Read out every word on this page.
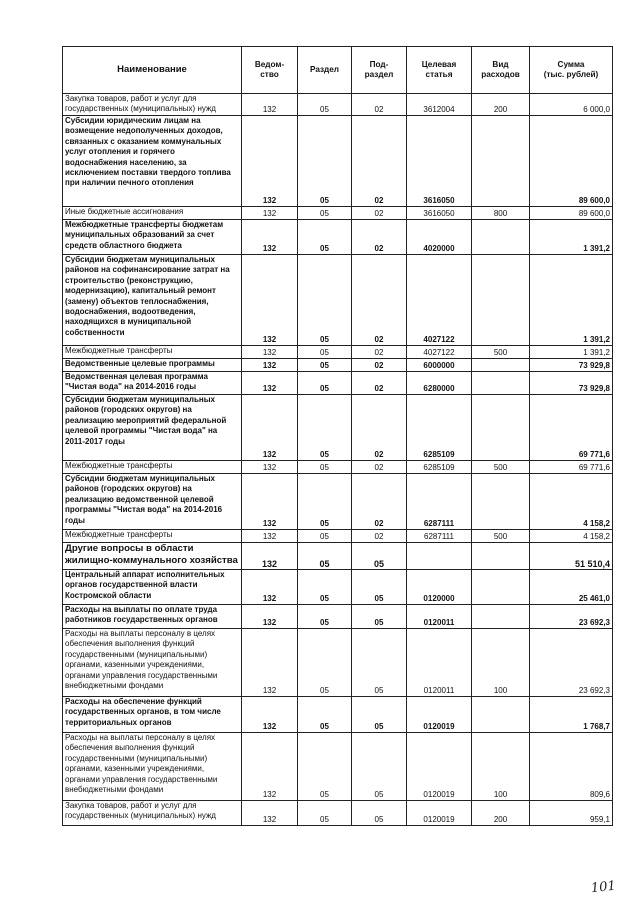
Наименование	Ведом-
ство	Раздел	Под-
раздел	Целевая
статья	Вид
расходов	Сумма
(тыс. рублей)
Закупка товаров, работ и услуг для государственных (муниципальных) нужд	132	05	02	3612004	200	6 000,0
Субсидии юридическим лицам на возмещение недополученных доходов, связанных с оказанием коммунальных услуг отопления и горячего водоснабжения населению, за исключением поставки твердого топлива при наличии печного отопления	132	05	02	3616050		89 600,0
Иные бюджетные ассигнования	132	05	02	3616050	800	89 600,0
Межбюджетные трансферты бюджетам муниципальных образований за счет средств областного бюджета	132	05	02	4020000		1 391,2
Субсидии бюджетам муниципальных районов на софинансирование затрат на строительство (реконструкцию, модернизацию), капитальный ремонт (замену) объектов теплоснабжения, водоснабжения, водоотведения, находящихся в муниципальной собственности	132	05	02	4027122		1 391,2
Межбюджетные трансферты	132	05	02	4027122	500	1 391,2
Ведомственные целевые программы	132	05	02	6000000		73 929,8
Ведомственная целевая программа "Чистая вода" на 2014-2016 годы	132	05	02	6280000		73 929,8
Субсидии бюджетам муниципальных районов (городских округов) на реализацию мероприятий федеральной целевой программы "Чистая вода" на 2011-2017 годы	132	05	02	6285109		69 771,6
Межбюджетные трансферты	132	05	02	6285109	500	69 771,6
Субсидии бюджетам муниципальных районов (городских округов) на реализацию ведомственной целевой программы "Чистая вода" на 2014-2016 годы	132	05	02	6287111		4 158,2
Межбюджетные трансферты	132	05	02	6287111	500	4 158,2
Другие вопросы в области жилищно-коммунального хозяйства	132	05	05			51 510,4
Центральный аппарат исполнительных органов государственной власти Костромской области	132	05	05	0120000		25 461,0
Расходы на выплаты по оплате труда работников государственных органов	132	05	05	0120011		23 692,3
Расходы на выплаты персоналу в целях обеспечения выполнения функций государственными (муниципальными) органами, казенными учреждениями, органами управления государственными внебюджетными фондами	132	05	05	0120011	100	23 692,3
Расходы на обеспечение функций государственных органов, в том числе территориальных органов	132	05	05	0120019		1 768,7
Расходы на выплаты персоналу в целях обеспечения выполнения функций государственными (муниципальными) органами, казенными учреждениями, органами управления государственными внебюджетными фондами	132	05	05	0120019	100	809,6
Закупка товаров, работ и услуг для государственных (муниципальных) нужд	132	05	05	0120019	200	959,1
101
